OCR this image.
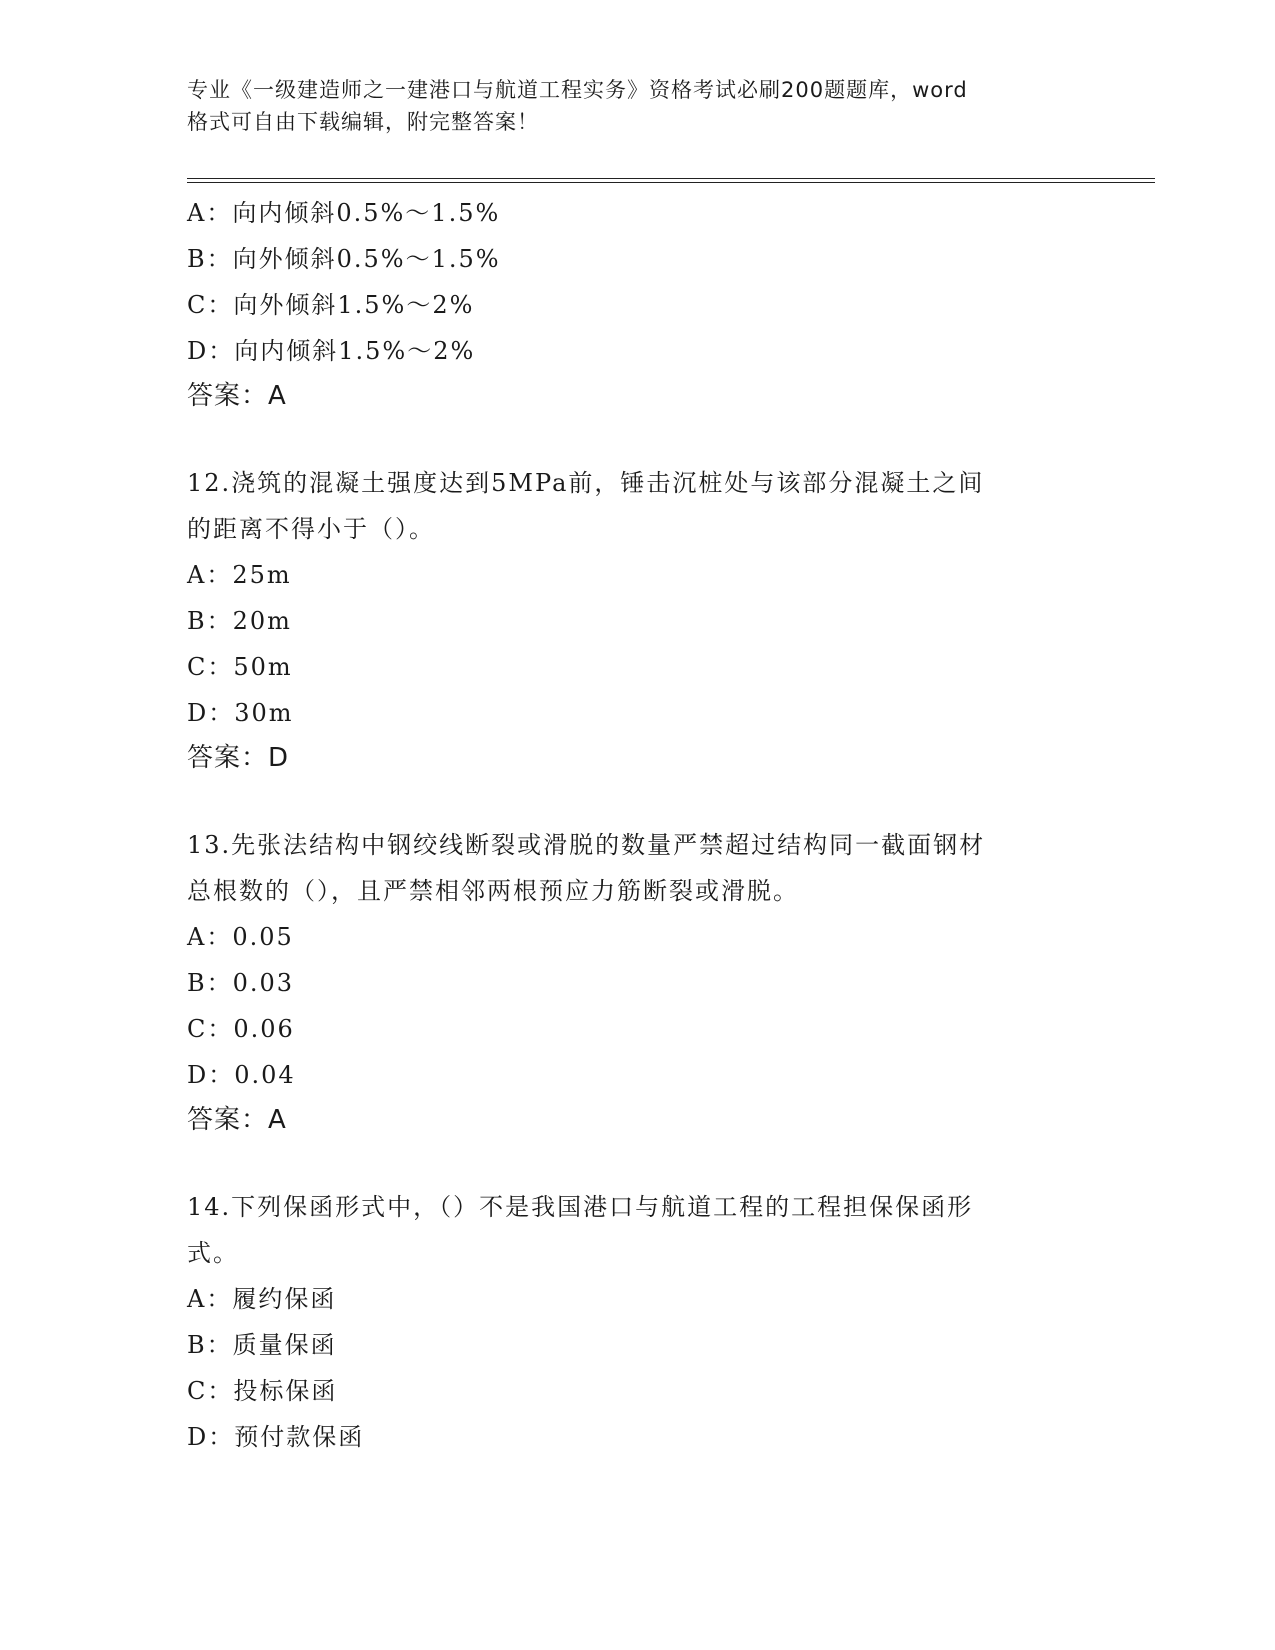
专业《一级建造师之一建港口与航道工程实务》资格考试必刷200题题库，word
格式可自由下载编辑，附完整答案！
A：向内倾斜0.5%～1.5%
B：向外倾斜0.5%～1.5%
C：向外倾斜1.5%～2%
D：向内倾斜1.5%～2%
答案：A
12.浇筑的混凝土强度达到5MPa前，锤击沉桩处与该部分混凝土之间
的距离不得小于（）。
A：25m
B：20m
C：50m
D：30m
答案：D
13.先张法结构中钢绞线断裂或滑脱的数量严禁超过结构同一截面钢材
总根数的（），且严禁相邻两根预应力筋断裂或滑脱。
A：0.05
B：0.03
C：0.06
D：0.04
答案：A
14.下列保函形式中，（）不是我国港口与航道工程的工程担保保函形
式。
A：履约保函
B：质量保函
C：投标保函
D：预付款保函
